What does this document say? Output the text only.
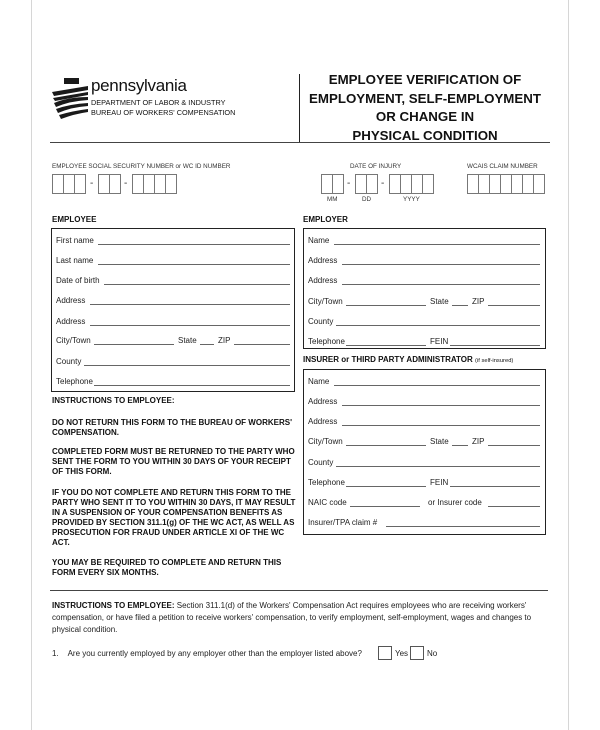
pennsylvania
DEPARTMENT OF LABOR & INDUSTRY
BUREAU OF WORKERS' COMPENSATION
EMPLOYEE VERIFICATION OF
EMPLOYMENT, SELF-EMPLOYMENT
OR CHANGE IN
PHYSICAL CONDITION
EMPLOYEE SOCIAL SECURITY NUMBER or WC ID NUMBER
-	-
DATE OF INJURY
-	-
MM	DD	YYYY
WCAIS CLAIM NUMBER
EMPLOYEE
First name
Last name
Date of birth
Address
Address
City/Town	State	ZIP
County
Telephone
EMPLOYER
Name
Address
Address
City/Town	State	ZIP
County
Telephone	FEIN
INSURER or THIRD PARTY ADMINISTRATOR (if self-insured)
Name
Address
Address
City/Town	State	ZIP
County
Telephone	FEIN
NAIC code	or Insurer code
Insurer/TPA claim #
INSTRUCTIONS TO EMPLOYEE:
DO NOT RETURN THIS FORM TO THE BUREAU OF WORKERS' COMPENSATION.
COMPLETED FORM MUST BE RETURNED TO THE PARTY WHO SENT THE FORM TO YOU WITHIN 30 DAYS OF YOUR RECEIPT OF THIS FORM.
IF YOU DO NOT COMPLETE AND RETURN THIS FORM TO THE PARTY WHO SENT IT TO YOU WITHIN 30 DAYS, IT MAY RESULT IN A SUSPENSION OF YOUR COMPENSATION BENEFITS AS PROVIDED BY SECTION 311.1(g) OF THE WC ACT, AS WELL AS PROSECUTION FOR FRAUD UNDER ARTICLE XI OF THE WC ACT.
YOU MAY BE REQUIRED TO COMPLETE AND RETURN THIS FORM EVERY SIX MONTHS.
INSTRUCTIONS TO EMPLOYEE: Section 311.1(d) of the Workers' Compensation Act requires employees who are receiving workers' compensation, or have filed a petition to receive workers' compensation, to verify employment, self-employment, wages and changes to physical condition.
1. Are you currently employed by any employer other than the employer listed above?	Yes No
